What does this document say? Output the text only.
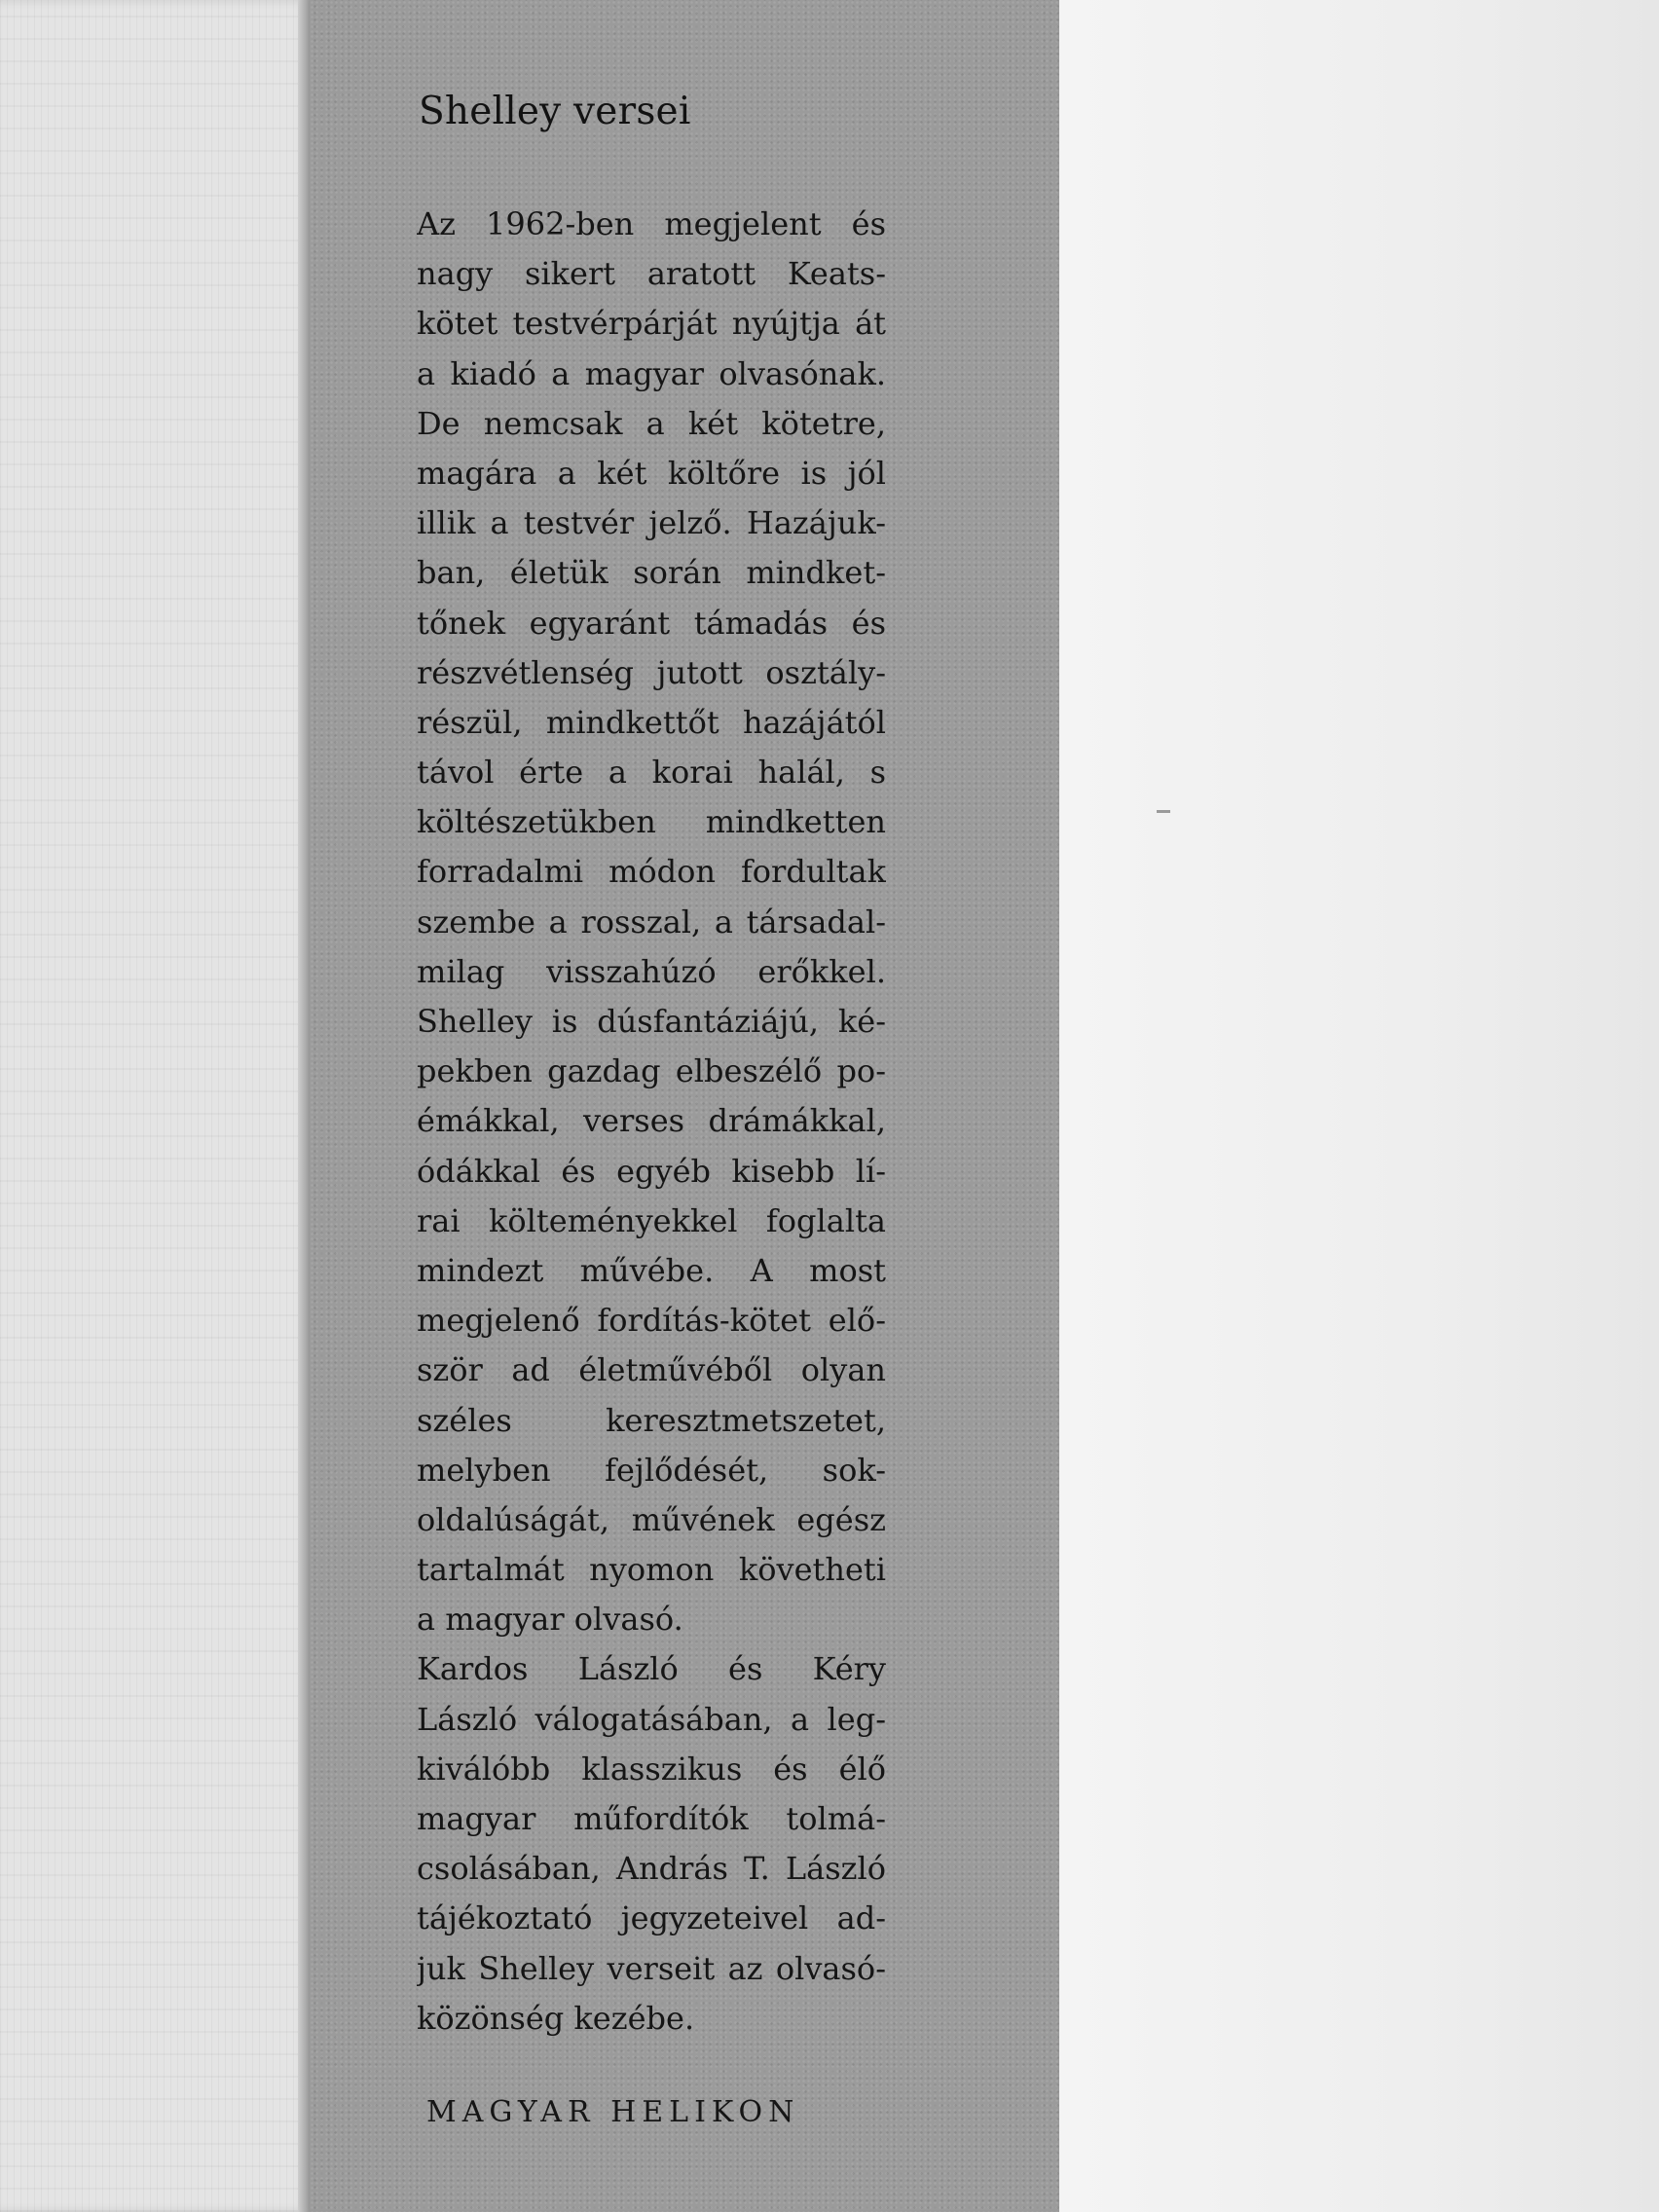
Shelley versei
Az 1962-ben megjelent és
nagy sikert aratott Keats-
kötet testvérpárját nyújtja át
a kiadó a magyar olvasónak.
De nemcsak a két kötetre,
magára a két költőre is jól
illik a testvér jelző. Hazájuk-
ban, életük során mindket-
tőnek egyaránt támadás és
részvétlenség jutott osztály-
részül, mindkettőt hazájától
távol érte a korai halál, s
költészetükben mindketten
forradalmi módon fordultak
szembe a rosszal, a társadal-
milag visszahúzó erőkkel.
Shelley is dúsfantáziájú, ké-
pekben gazdag elbeszélő po-
émákkal, verses drámákkal,
ódákkal és egyéb kisebb lí-
rai költeményekkel foglalta
mindezt művébe. A most
megjelenő fordítás-kötet elő-
ször ad életművéből olyan
széles keresztmetszetet,
melyben fejlődését, sok-
oldalúságát, művének egész
tartalmát nyomon követheti
a magyar olvasó.
Kardos László és Kéry
László válogatásában, a leg-
kiválóbb klasszikus és élő
magyar műfordítók tolmá-
csolásában, András T. László
tájékoztató jegyzeteivel ad-
juk Shelley verseit az olvasó-
közönség kezébe.

MAGYAR HELIKON
